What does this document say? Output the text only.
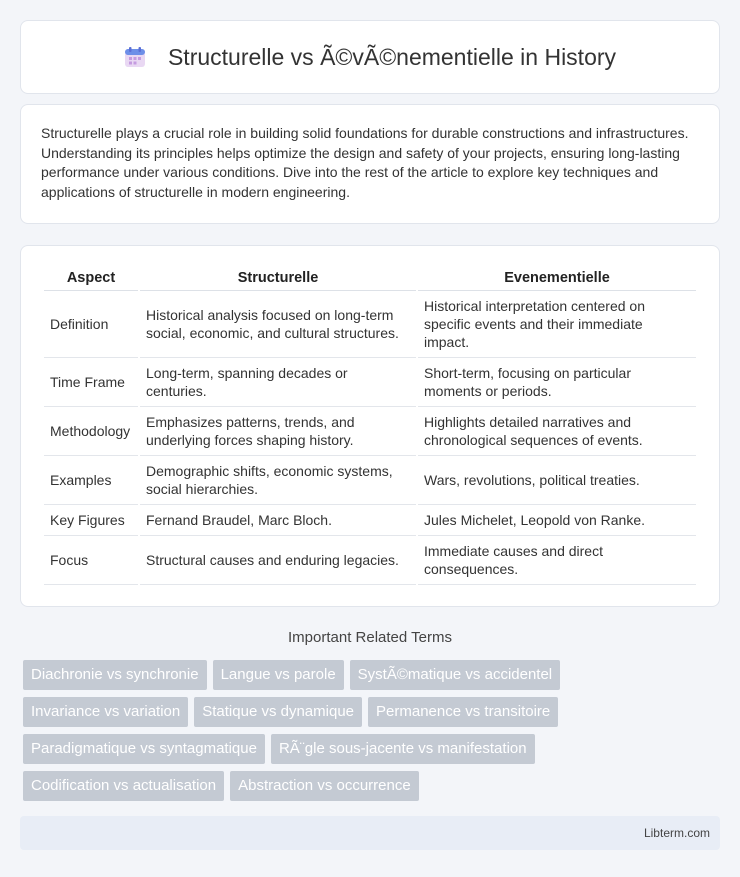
Structurelle vs Ã©vÃ©nementielle in History

Structurelle plays a crucial role in building solid foundations for durable constructions and infrastructures. Understanding its principles helps optimize the design and safety of your projects, ensuring long-lasting performance under various conditions. Dive into the rest of the article to explore key techniques and applications of structurelle in modern engineering.

Aspect	Structurelle	Evenementielle
Definition	Historical analysis focused on long-term social, economic, and cultural structures.	Historical interpretation centered on specific events and their immediate impact.
Time Frame	Long-term, spanning decades or centuries.	Short-term, focusing on particular moments or periods.
Methodology	Emphasizes patterns, trends, and underlying forces shaping history.	Highlights detailed narratives and chronological sequences of events.
Examples	Demographic shifts, economic systems, social hierarchies.	Wars, revolutions, political treaties.
Key Figures	Fernand Braudel, Marc Bloch.	Jules Michelet, Leopold von Ranke.
Focus	Structural causes and enduring legacies.	Immediate causes and direct consequences.
Important Related Terms
Diachronie vs synchronie	Langue vs parole	SystÃ©matique vs accidentel
Invariance vs variation	Statique vs dynamique	Permanence vs transitoire
Paradigmatique vs syntagmatique	RÃ¨gle sous-jacente vs manifestation
Codification vs actualisation	Abstraction vs occurrence
Libterm.com
